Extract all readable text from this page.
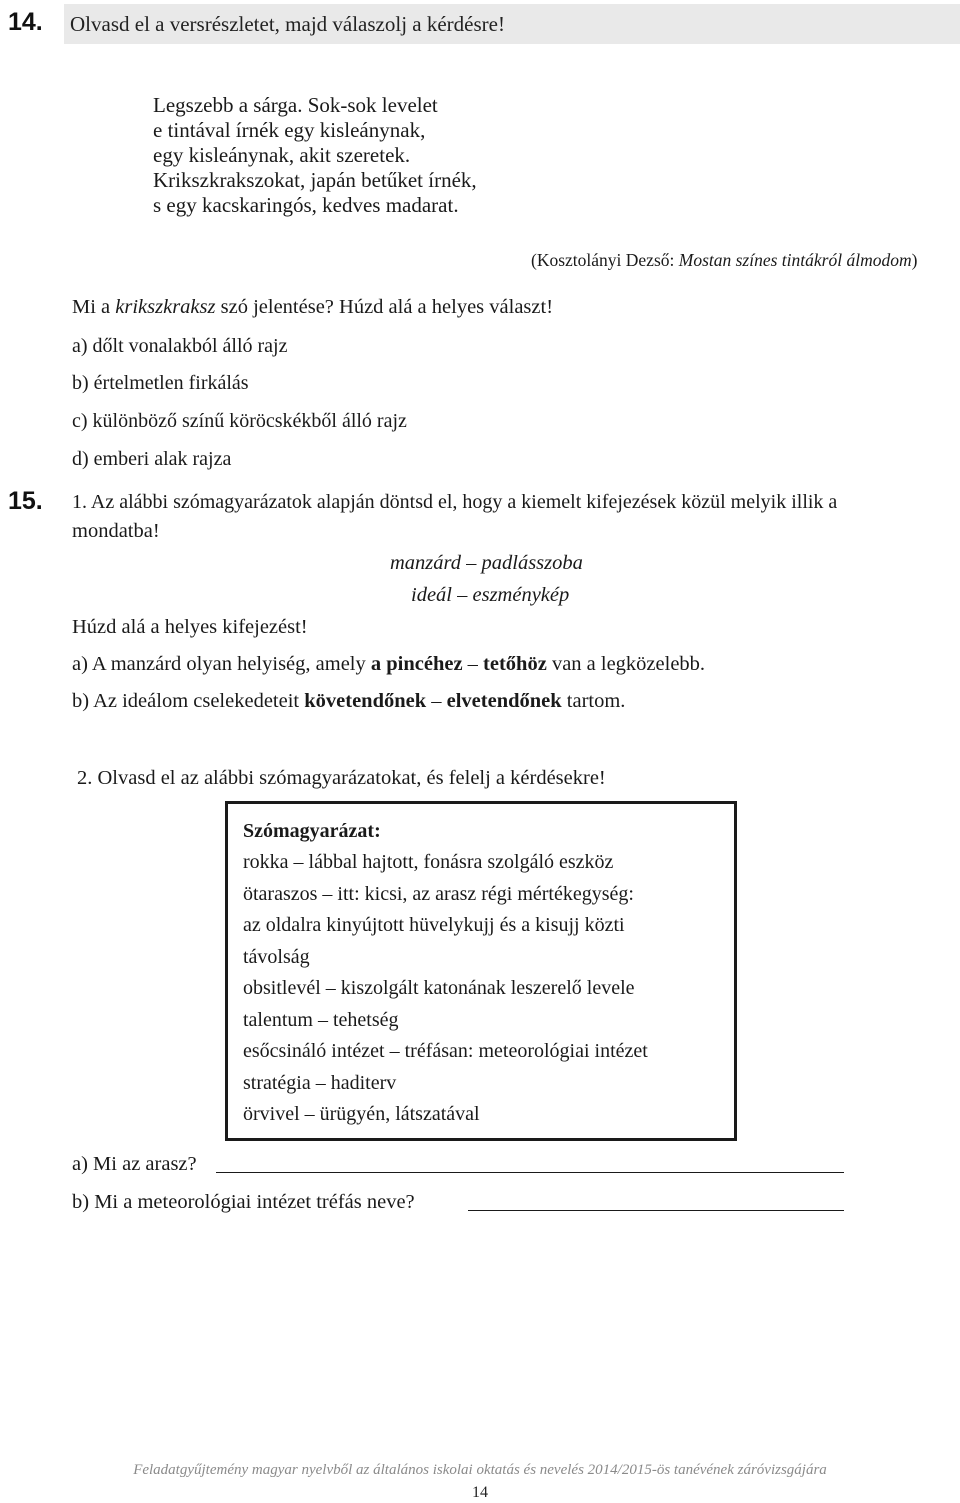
14. Olvasd el a versrészletet, majd válaszolj a kérdésre!
Legszebb a sárga. Sok-sok levelet
e tintával írnék egy kisleánynak,
egy kisleánynak, akit szeretek.
Krikszkrakszokat, japán betűket írnék,
s egy kacskaringós, kedves madarat.
(Kosztolányi Dezső: Mostan színes tintákról álmodom)
Mi a krikszkraksz szó jelentése? Húzd alá a helyes választ!
a) dőlt vonalakból álló rajz
b) értelmetlen firkálás
c) különböző színű köröcskékből álló rajz
d) emberi alak rajza
15. 1. Az alábbi szómagyarázatok alapján döntsd el, hogy a kiemelt kifejezések közül melyik illik a
mondatba!
manzárd – padlásszoba
ideál – eszménykép
Húzd alá a helyes kifejezést!
a) A manzárd olyan helyiség, amely a pincéhez – tetőhöz van a legközelebb.
b) Az ideálom cselekedeteit követendőnek – elvetendőnek tartom.
2. Olvasd el az alábbi szómagyarázatokat, és felelj a kérdésekre!
Szómagyarázat:
rokka – lábbal hajtott, fonásra szolgáló eszköz
ötaraszos – itt: kicsi, az arasz régi mértékegység:
az oldalra kinyújtott hüvelykujj és a kisujj közti
távolság
obsitlevél – kiszolgált katonának leszerelő levele
talentum – tehetség
esőcsináló intézet – tréfásan: meteorológiai intézet
stratégia – haditerv
örvivel – ürügyén, látszatával
a) Mi az arasz?
b) Mi a meteorológiai intézet tréfás neve?
Feladatgyűjtemény magyar nyelvből az általános iskolai oktatás és nevelés 2014/2015-ös tanévének záróvizsgájára
14
